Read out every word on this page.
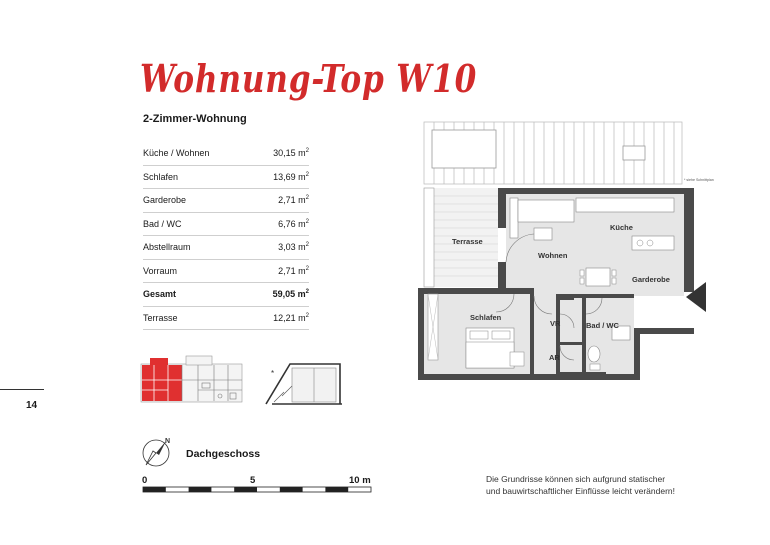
Wohnung-Top W10
2-Zimmer-Wohnung
Küche / Wohnen	30,15 $m^2$
Schlafen	13,69 $m^2$
Garderobe	2,71 $m^2$
Bad / WC	6,76 $m^2$
Abstellraum	3,03 $m^2$
Vorraum	2,71 $m^2$
Gesamt	59,05 $m^2$
Terrasse	12,21 $m^2$
*
14
N
Dachgeschoss
0	5	10 m	Die Grundrisse können sich aufgrund statischer
und bauwirtschaftlicher Einflüsse leicht verändern!
* siehe Schnittplan
Terrasse
Wohnen
Küche
Garderobe
Schlafen
VR	Bad / WC
AR
